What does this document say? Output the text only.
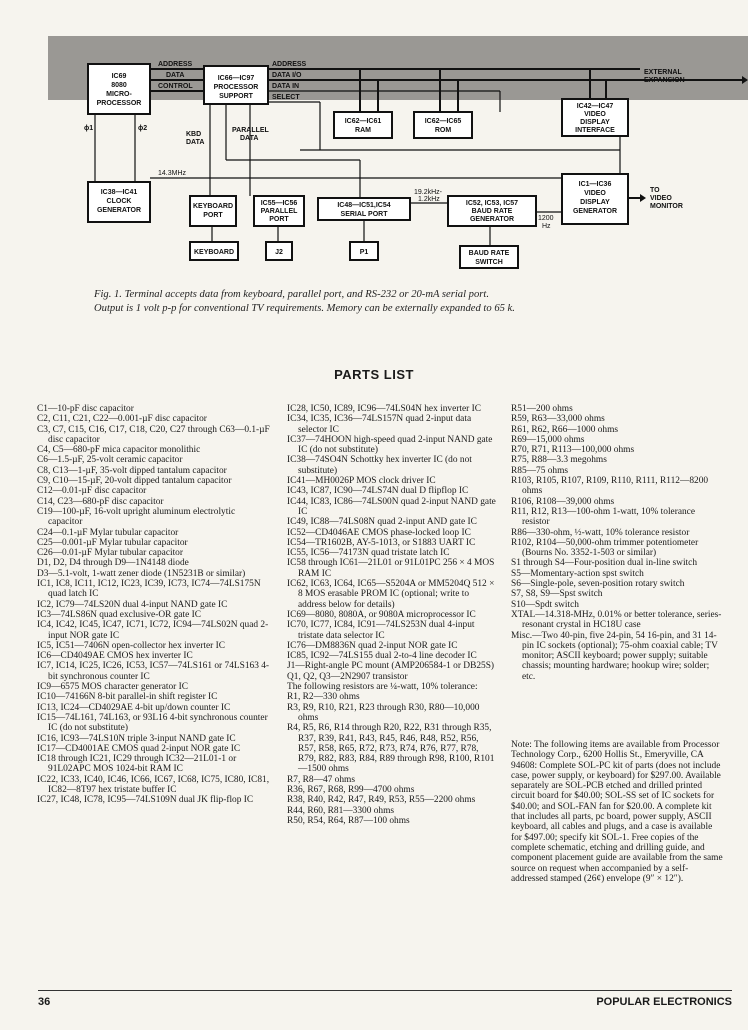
IC69
8080
MICRO-
PROCESSOR
IC66—IC97
PROCESSOR
SUPPORT
IC62—IC61
RAM
IC62—IC65
ROM
IC42—IC47
VIDEO
DISPLAY
INTERFACE
IC38—IC41
CLOCK
GENERATOR
KEYBOARD
PORT
IC55—IC56
PARALLEL
PORT
IC48—IC51,IC54
SERIAL PORT
IC52, IC53, IC57
BAUD RATE
GENERATOR
IC1—IC36
VIDEO
DISPLAY
GENERATOR
KEYBOARD	J2	P1	BAUD RATE
SWITCH
ADDRESS
DATA
CONTROL
ADDRESS
DATA I/O
DATA IN
SELECT
ϕ1	ϕ2
KBD
DATA
PARALLEL
DATA
14.3MHz
EXTERNAL
EXPANSION
TO
VIDEO
MONITOR
19.2kHz-
1.2kHz
1200
Hz
Fig. 1. Terminal accepts data from keyboard, parallel port, and RS-232 or 20-mA serial port.
Output is 1 volt p-p for conventional TV requirements. Memory can be externally expanded to 65 k.
PARTS LIST

C1—10-pF disc capacitor

C2, C11, C21, C22—0.001-µF disc capacitor

C3, C7, C15, C16, C17, C18, C20, C27 through C63—0.1-µF disc capacitor

C4, C5—680-pF mica capacitor monolithic

C6—1.5-µF, 25-volt ceramic capacitor

C8, C13—1-µF, 35-volt dipped tantalum capacitor

C9, C10—15-µF, 20-volt dipped tantalum capacitor

C12—0.01-µF disc capacitor

C14, C23—680-pF disc capacitor

C19—100-µF, 16-volt upright aluminum electrolytic capacitor

C24—0.1-µF Mylar tubular capacitor

C25—0.001-µF Mylar tubular capacitor

C26—0.01-µF Mylar tubular capacitor

D1, D2, D4 through D9—1N4148 diode

D3—5.1-volt, 1-watt zener diode (1N5231B or similar)

IC1, IC8, IC11, IC12, IC23, IC39, IC73, IC74—74LS175N quad latch IC

IC2, IC79—74LS20N dual 4-input NAND gate IC

IC3—74LS86N quad exclusive-OR gate IC

IC4, IC42, IC45, IC47, IC71, IC72, IC94—74LS02N quad 2-input NOR gate IC

IC5, IC51—7406N open-collector hex inverter IC

IC6—CD4049AE CMOS hex inverter IC

IC7, IC14, IC25, IC26, IC53, IC57—74LS161 or 74LS163 4-bit synchronous counter IC

IC9—6575 MOS character generator IC

IC10—74166N 8-bit parallel-in shift register IC

IC13, IC24—CD4029AE 4-bit up/down counter IC

IC15—74L161, 74L163, or 93L16 4-bit synchronous counter IC (do not substitute)

IC16, IC93—74LS10N triple 3-input NAND gate IC

IC17—CD4001AE CMOS quad 2-input NOR gate IC

IC18 through IC21, IC29 through IC32—21L01-1 or 91L02APC MOS 1024-bit RAM IC

IC22, IC33, IC40, IC46, IC66, IC67, IC68, IC75, IC80, IC81, IC82—8T97 hex tristate buffer IC

IC27, IC48, IC78, IC95—74LS109N dual JK flip-flop IC

IC28, IC50, IC89, IC96—74LS04N hex inverter IC

IC34, IC35, IC36—74LS157N quad 2-input data selector IC

IC37—74HOON high-speed quad 2-input NAND gate IC (do not substitute)

IC38—74SO4N Schottky hex inverter IC (do not substitute)

IC41—MH0026P MOS clock driver IC

IC43, IC87, IC90—74LS74N dual D flipflop IC

IC44, IC83, IC86—74LS00N quad 2-input NAND gate IC

IC49, IC88—74LS08N quad 2-input AND gate IC

IC52—CD4046AE CMOS phase-locked loop IC

IC54—TR1602B, AY-5-1013, or S1883 UART IC

IC55, IC56—74173N quad tristate latch IC

IC58 through IC61—21L01 or 91L01PC 256 × 4 MOS RAM IC

IC62, IC63, IC64, IC65—S5204A or MM5204Q 512 × 8 MOS erasable PROM IC (optional; write to address below for details)

IC69—8080, 8080A, or 9080A microprocessor IC

IC70, IC77, IC84, IC91—74LS253N dual 4-input tristate data selector IC

IC76—DM8836N quad 2-input NOR gate IC

IC85, IC92—74LS155 dual 2-to-4 line decoder IC

J1—Right-angle PC mount (AMP206584-1 or DB25S)

Q1, Q2, Q3—2N2907 transistor

The following resistors are ¼-watt, 10% tolerance:

R1, R2—330 ohms

R3, R9, R10, R21, R23 through R30, R80—10,000 ohms

R4, R5, R6, R14 through R20, R22, R31 through R35, R37, R39, R41, R43, R45, R46, R48, R52, R56, R57, R58, R65, R72, R73, R74, R76, R77, R78, R79, R82, R83, R84, R89 through R98, R100, R101—1500 ohms

R7, R8—47 ohms

R36, R67, R68, R99—4700 ohms

R38, R40, R42, R47, R49, R53, R55—2200 ohms

R44, R60, R81—3300 ohms

R50, R54, R64, R87—100 ohms

R51—200 ohms

R59, R63—33,000 ohms

R61, R62, R66—1000 ohms

R69—15,000 ohms

R70, R71, R113—100,000 ohms

R75, R88—3.3 megohms

R85—75 ohms

R103, R105, R107, R109, R110, R111, R112—8200 ohms

R106, R108—39,000 ohms

R11, R12, R13—100-ohm 1-watt, 10% tolerance resistor

R86—330-ohm, ½-watt, 10% tolerance resistor

R102, R104—50,000-ohm trimmer potentiometer (Bourns No. 3352-1-503 or similar)

S1 through S4—Four-position dual in-line switch

S5—Momentary-action spst switch

S6—Single-pole, seven-position rotary switch

S7, S8, S9—Spst switch

S10—Spdt switch

XTAL—14.318-MHz, 0.01% or better tolerance, series-resonant crystal in HC18U case

Misc.—Two 40-pin, five 24-pin, 54 16-pin, and 31 14-pin IC sockets (optional); 75-ohm coaxial cable; TV monitor; ASCII keyboard; power supply; suitable chassis; mounting hardware; hookup wire; solder; etc.

Note: The following items are available from Processor Technology Corp., 6200 Hollis St., Emeryville, CA 94608: Complete SOL-PC kit of parts (does not include case, power supply, or keyboard) for $297.00. Available separately are SOL-PCB etched and drilled printed circuit board for $40.00; SOL-SS set of IC sockets for $40.00; and SOL-FAN fan for $20.00. A complete kit that includes all parts, pc board, power supply, ASCII keyboard, all cables and plugs, and a case is available for $497.00; specify kit SOL-1. Free copies of the complete schematic, etching and drilling guide, and component placement guide are available from the same source on request when accompanied by a self-addressed stamped (26¢) envelope (9″ × 12″).

36	POPULAR ELECTRONICS
